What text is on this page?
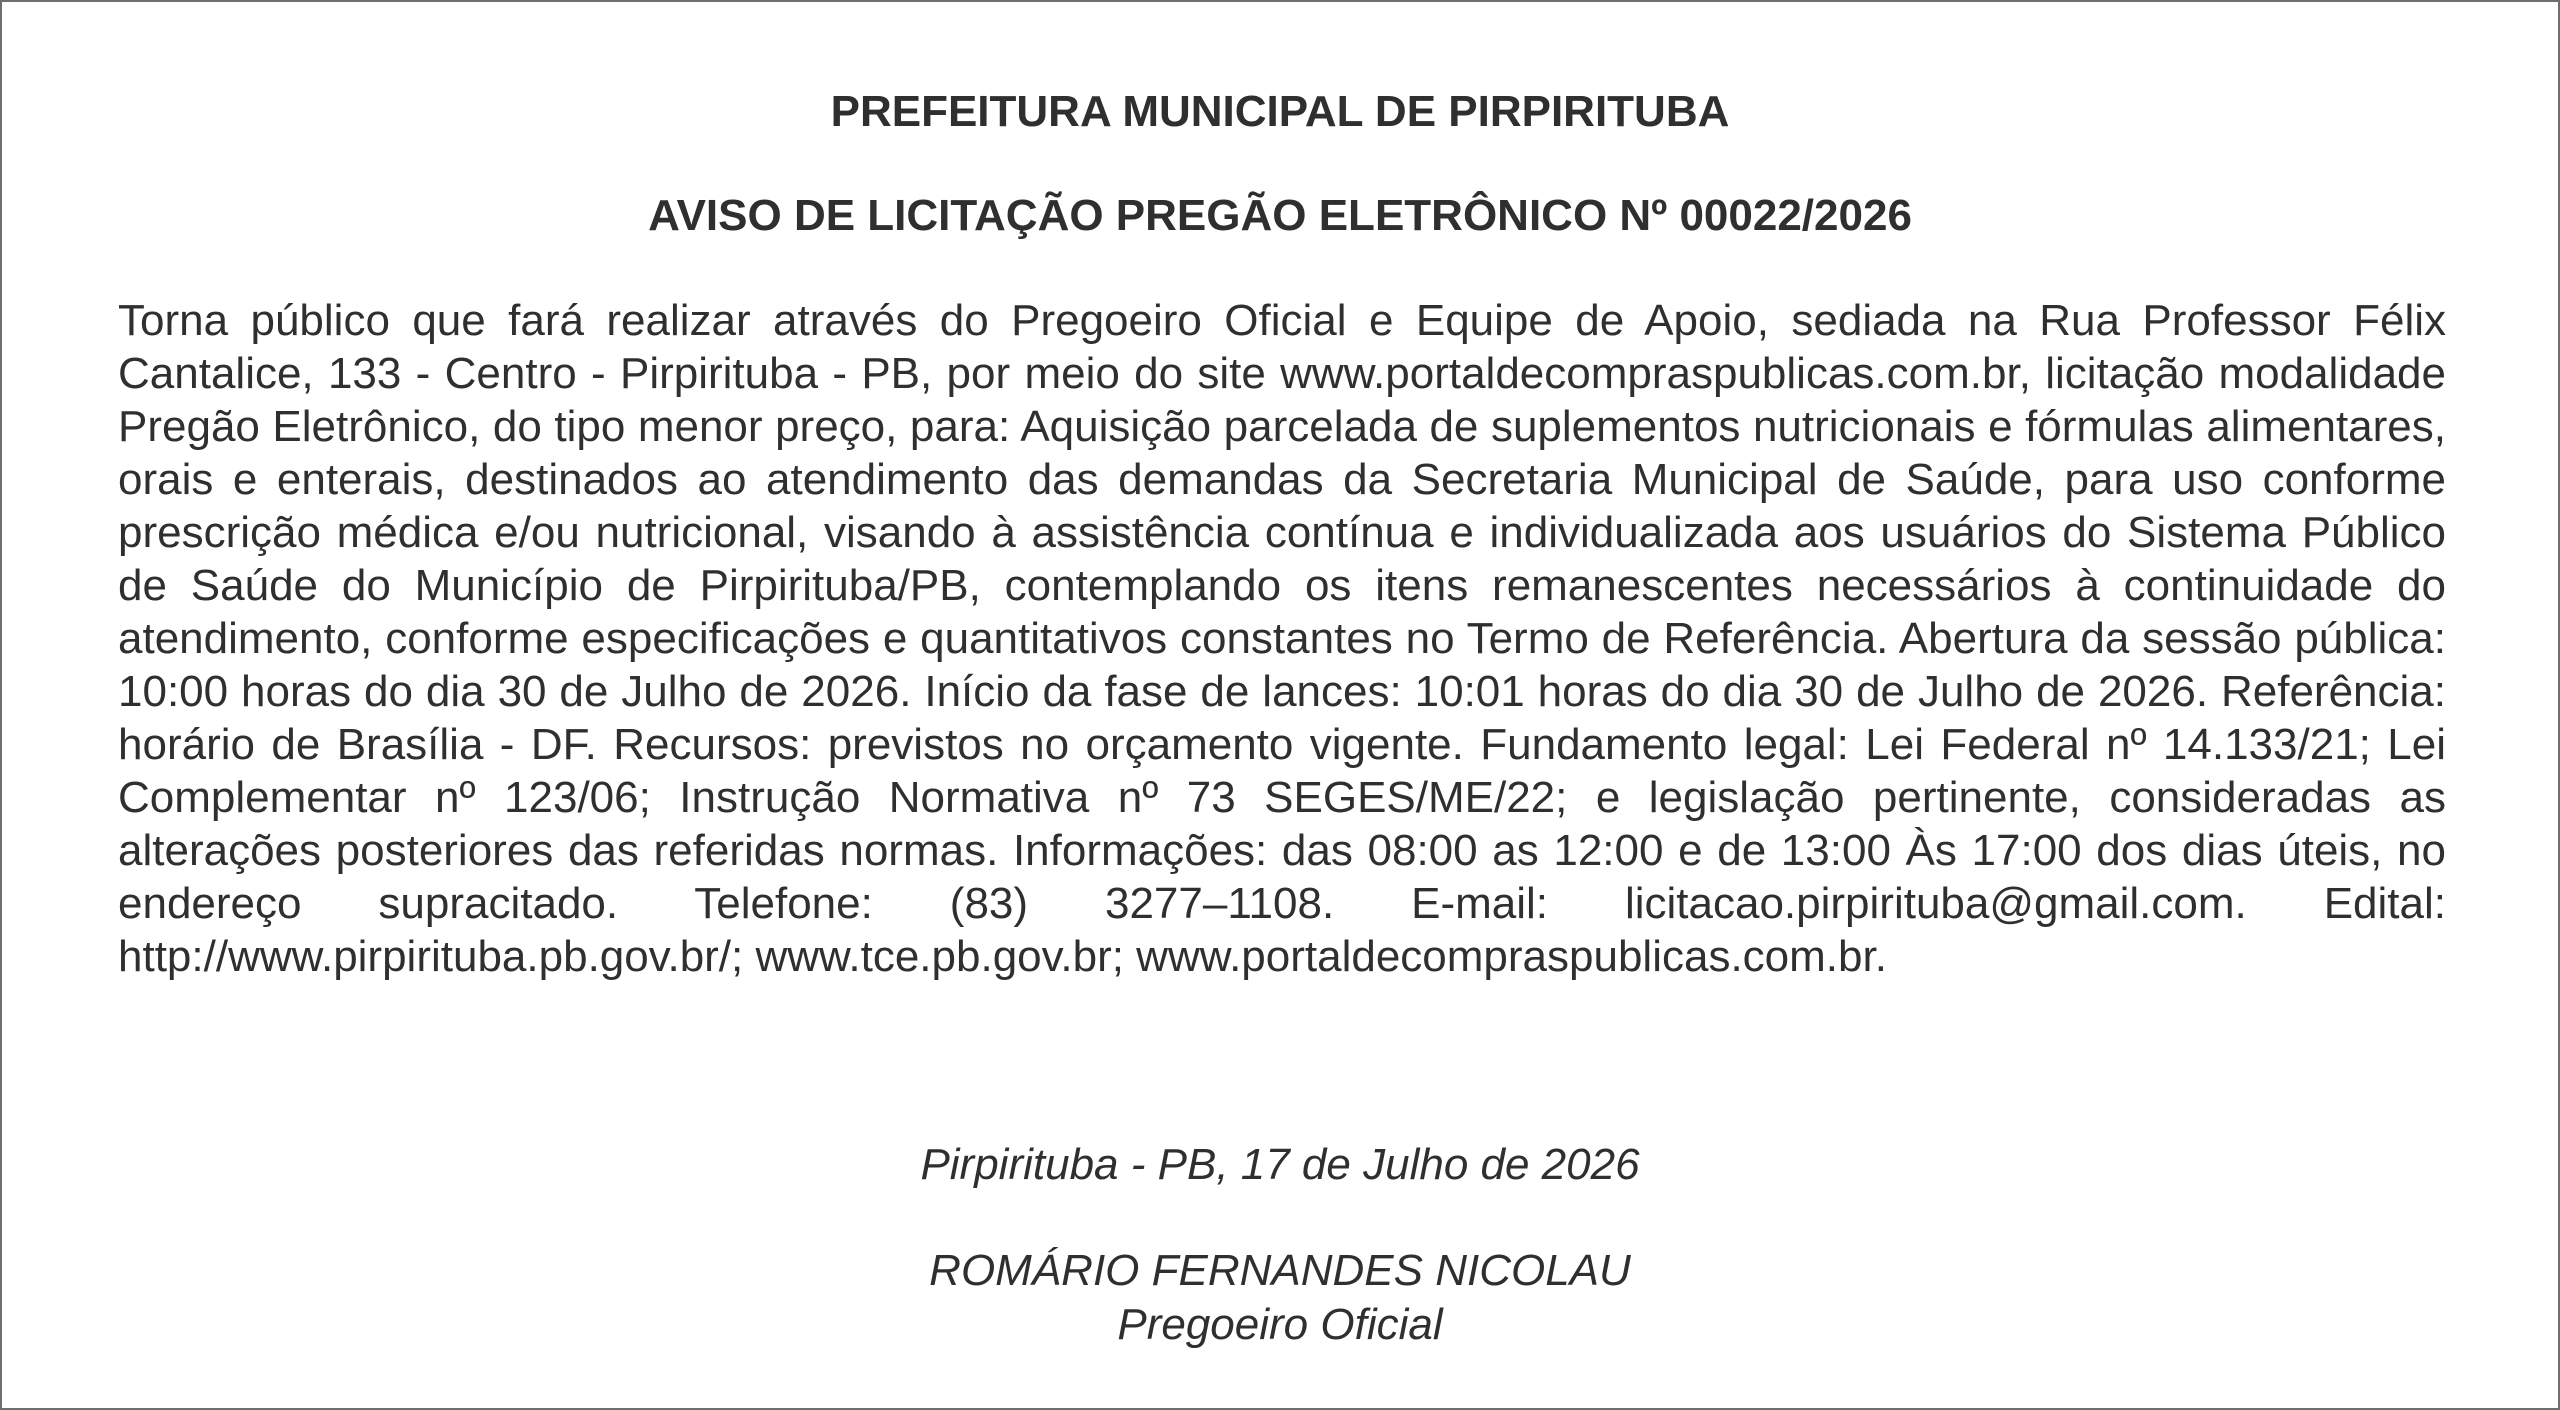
PREFEITURA MUNICIPAL DE PIRPIRITUBA
AVISO DE LICITAÇÃO PREGÃO ELETRÔNICO Nº 00022/2026

Torna público que fará realizar através do Pregoeiro Oficial e Equipe de Apoio, sediada na Rua Professor Félix Cantalice, 133 - Centro - Pirpirituba - PB, por meio do site www.portaldecompraspublicas.com.br, licitação modalidade Pregão Eletrônico, do tipo menor preço, para: Aquisição parcelada de suplementos nutricionais e fórmulas alimentares, orais e enterais, destinados ao atendimento das demandas da Secretaria Municipal de Saúde, para uso conforme prescrição médica e/ou nutricional, visando à assistência contínua e individualizada aos usuários do Sistema Público de Saúde do Município de Pirpirituba/PB, contemplando os itens remanescentes necessários à continuidade do atendimento, conforme especificações e quantitativos constantes no Termo de Referência. Abertura da sessão pública: 10:00 horas do dia 30 de Julho de 2026. Início da fase de lances: 10:01 horas do dia 30 de Julho de 2026. Referência: horário de Brasília - DF. Recursos: previstos no orçamento vigente. Fundamento legal: Lei Federal nº 14.133/21; Lei Complementar nº 123/06; Instrução Normativa nº 73 SEGES/ME/22; e legislação pertinente, consideradas as alterações posteriores das referidas normas. Informações: das 08:00 as 12:00 e de 13:00 Às 17:00 dos dias úteis, no endereço supracitado. Telefone: (83) 3277–1108. E-mail: licitacao.pirpirituba@gmail.com. Edital: http://www.pirpirituba.pb.gov.br/; www.tce.pb.gov.br; www.portaldecompraspublicas.com.br.

Pirpirituba - PB, 17 de Julho de 2026

ROMÁRIO FERNANDES NICOLAU

Pregoeiro Oficial
